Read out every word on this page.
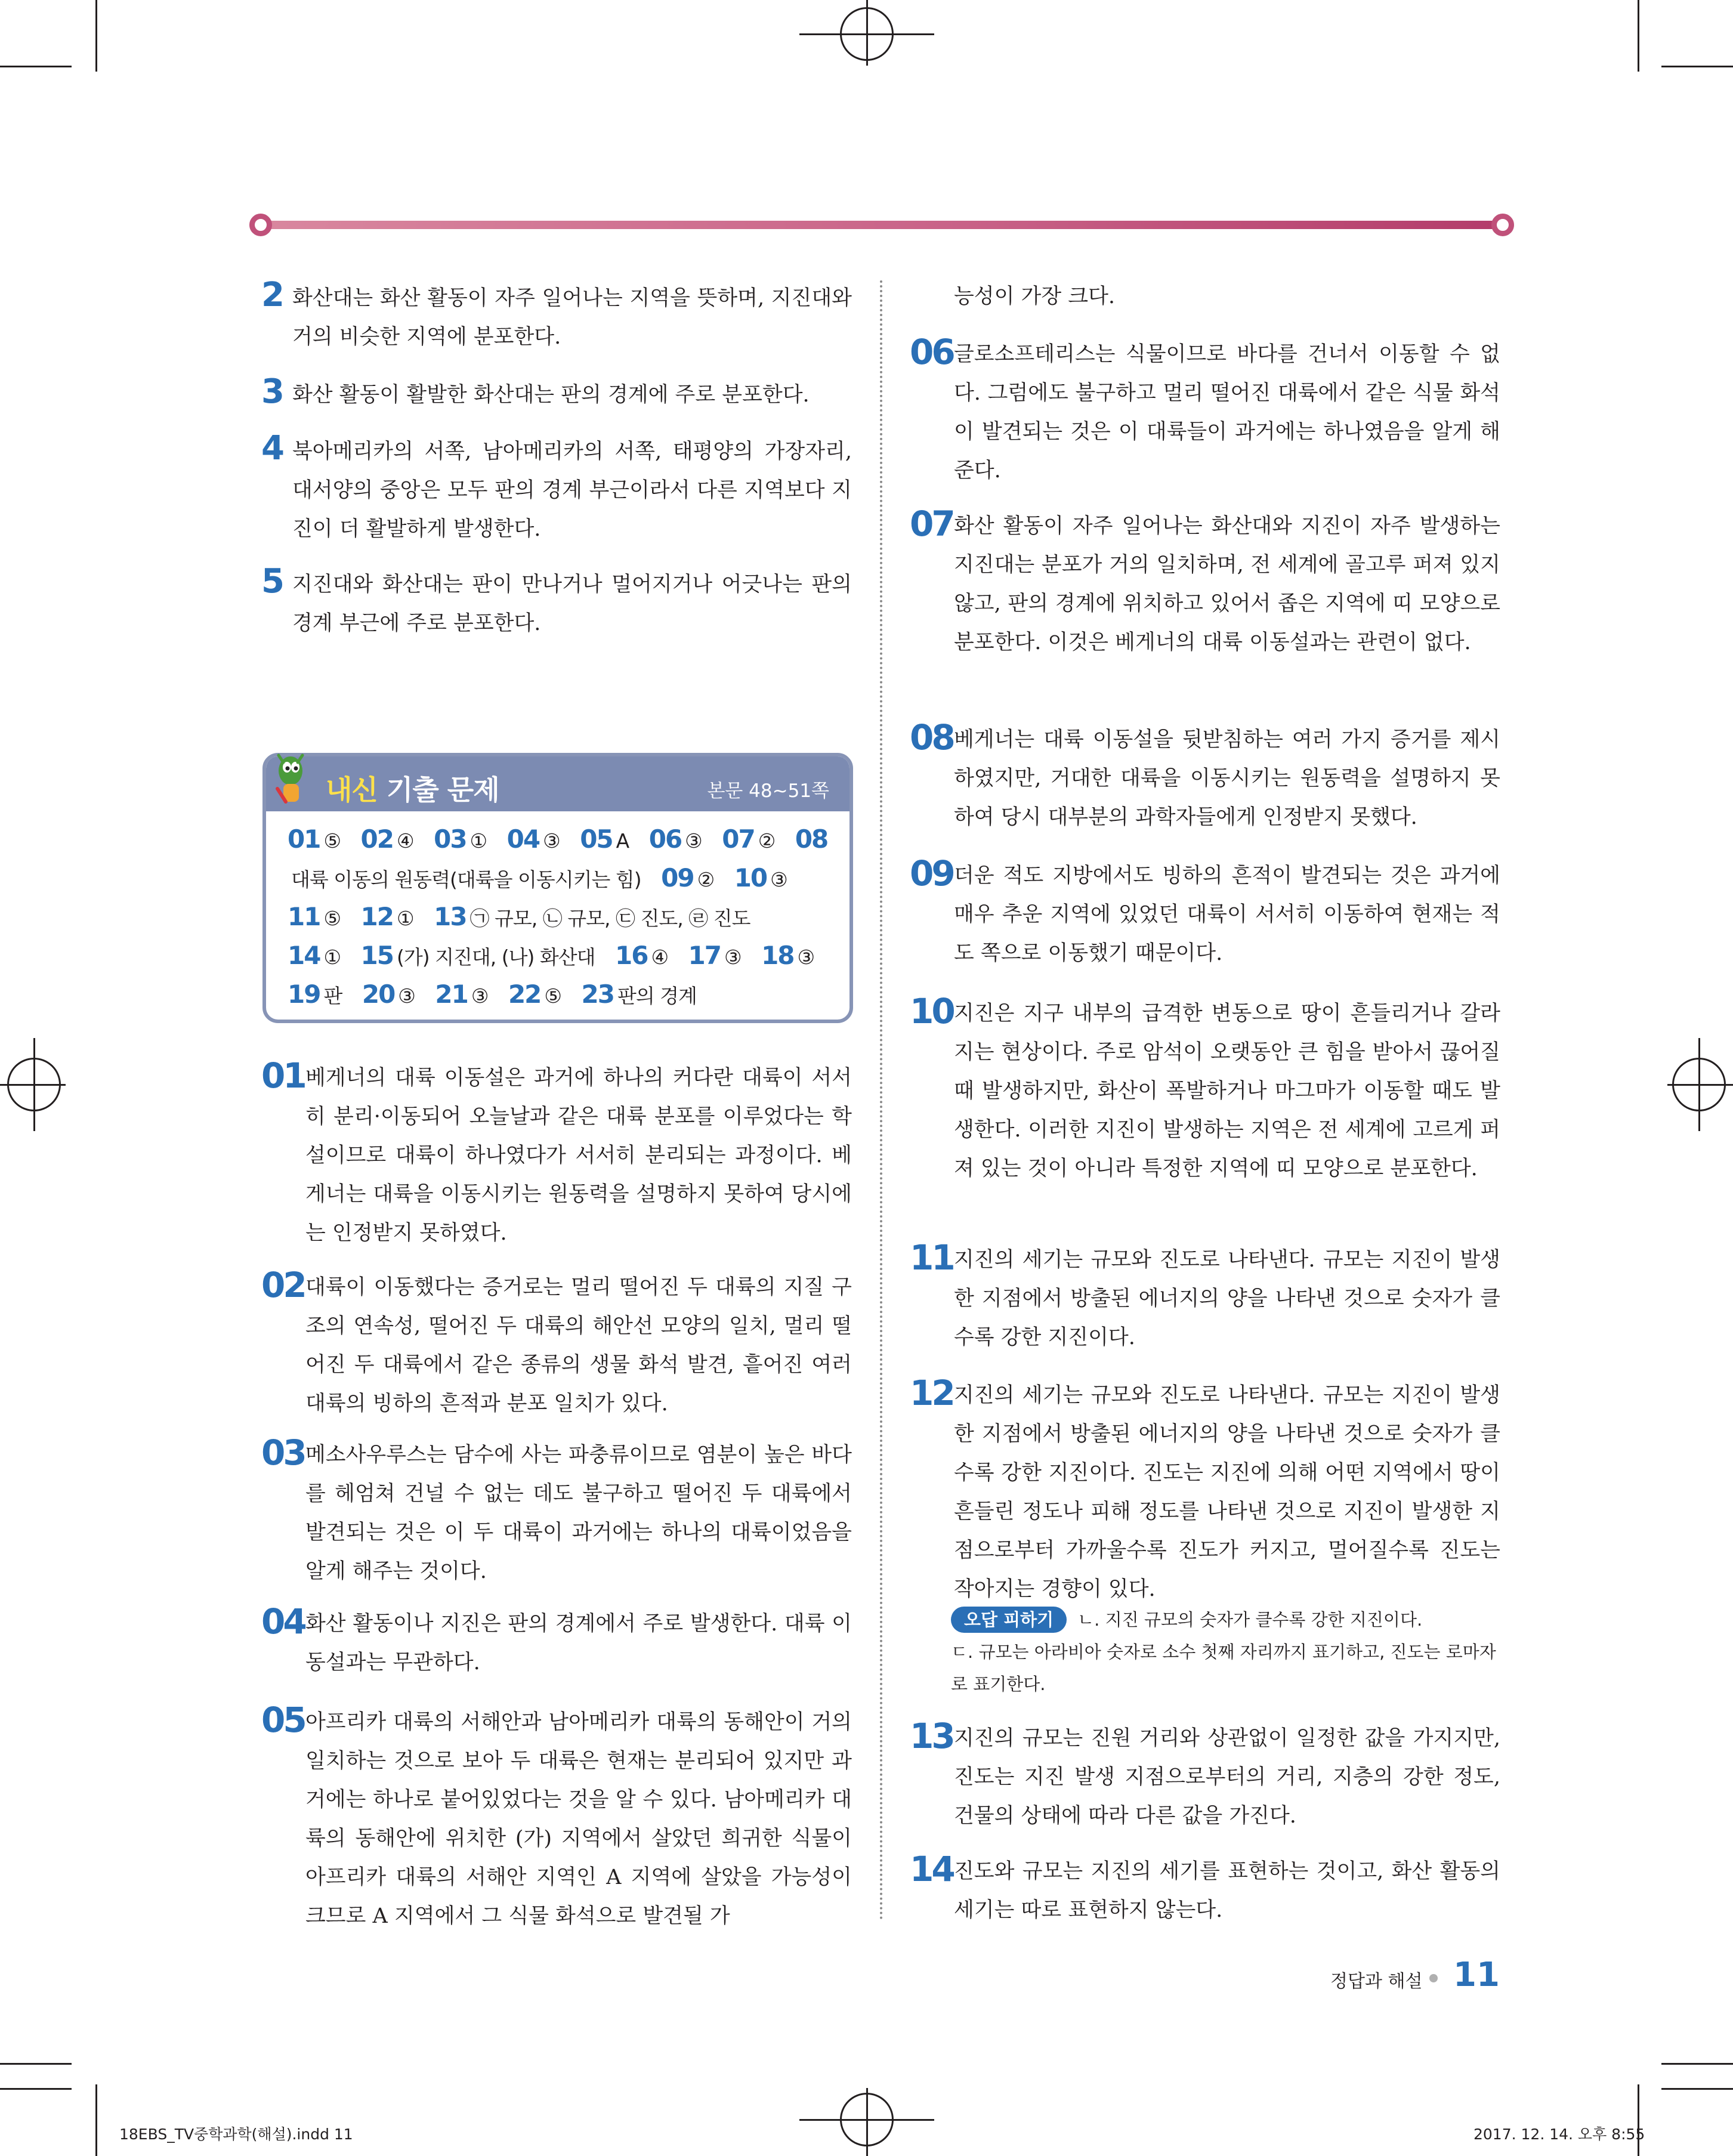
2 화산대는 화산 활동이 자주 일어나는 지역을 뜻하며, 지진대와 거의 비슷한 지역에 분포한다.
3 화산 활동이 활발한 화산대는 판의 경계에 주로 분포한다.
4 북아메리카의 서쪽, 남아메리카의 서쪽, 태평양의 가장자리, 대서양의 중앙은 모두 판의 경계 부근이라서 다른 지역보다 지진이 더 활발하게 발생한다.
5 지진대와 화산대는 판이 만나거나 멀어지거나 어긋나는 판의 경계 부근에 주로 분포한다.
내신 기출 문제	본문 48~51쪽
01 ⑤ 02 ④ 03 ① 04 ③ 05 A 06 ③ 07 ② 08대륙 이동의 원동력(대륙을 이동시키는 힘) 09 ② 10 ③ 11 ⑤ 12 ① 13 ㉠ 규모, ㉡ 규모, ㉢ 진도, ㉣ 진도 14 ① 15 (가) 지진대, (나) 화산대 16 ④ 17 ③ 18 ③ 19 판 20 ③ 21 ③ 22 ⑤ 23 판의 경계
01 베게너의 대륙 이동설은 과거에 하나의 커다란 대륙이 서서히 분리·이동되어 오늘날과 같은 대륙 분포를 이루었다는 학설이므로 대륙이 하나였다가 서서히 분리되는 과정이다. 베게너는 대륙을 이동시키는 원동력을 설명하지 못하여 당시에는 인정받지 못하였다.
02 대륙이 이동했다는 증거로는 멀리 떨어진 두 대륙의 지질 구조의 연속성, 떨어진 두 대륙의 해안선 모양의 일치, 멀리 떨어진 두 대륙에서 같은 종류의 생물 화석 발견, 흩어진 여러 대륙의 빙하의 흔적과 분포 일치가 있다.
03 메소사우루스는 담수에 사는 파충류이므로 염분이 높은 바다를 헤엄쳐 건널 수 없는 데도 불구하고 떨어진 두 대륙에서 발견되는 것은 이 두 대륙이 과거에는 하나의 대륙이었음을 알게 해주는 것이다.
04 화산 활동이나 지진은 판의 경계에서 주로 발생한다. 대륙 이동설과는 무관하다.
05 아프리카 대륙의 서해안과 남아메리카 대륙의 동해안이 거의 일치하는 것으로 보아 두 대륙은 현재는 분리되어 있지만 과거에는 하나로 붙어있었다는 것을 알 수 있다. 남아메리카 대륙의 동해안에 위치한 (가) 지역에서 살았던 희귀한 식물이 아프리카 대륙의 서해안 지역인 A 지역에 살았을 가능성이 크므로 A 지역에서 그 식물 화석으로 발견될 가
능성이 가장 크다.
06 글로소프테리스는 식물이므로 바다를 건너서 이동할 수 없다. 그럼에도 불구하고 멀리 떨어진 대륙에서 같은 식물 화석이 발견되는 것은 이 대륙들이 과거에는 하나였음을 알게 해준다.
07 화산 활동이 자주 일어나는 화산대와 지진이 자주 발생하는 지진대는 분포가 거의 일치하며, 전 세계에 골고루 퍼져 있지 않고, 판의 경계에 위치하고 있어서 좁은 지역에 띠 모양으로 분포한다. 이것은 베게너의 대륙 이동설과는 관련이 없다.
08 베게너는 대륙 이동설을 뒷받침하는 여러 가지 증거를 제시하였지만, 거대한 대륙을 이동시키는 원동력을 설명하지 못하여 당시 대부분의 과학자들에게 인정받지 못했다.
09 더운 적도 지방에서도 빙하의 흔적이 발견되는 것은 과거에 매우 추운 지역에 있었던 대륙이 서서히 이동하여 현재는 적도 쪽으로 이동했기 때문이다.
10 지진은 지구 내부의 급격한 변동으로 땅이 흔들리거나 갈라지는 현상이다. 주로 암석이 오랫동안 큰 힘을 받아서 끊어질 때 발생하지만, 화산이 폭발하거나 마그마가 이동할 때도 발생한다. 이러한 지진이 발생하는 지역은 전 세계에 고르게 퍼져 있는 것이 아니라 특정한 지역에 띠 모양으로 분포한다.
11 지진의 세기는 규모와 진도로 나타낸다. 규모는 지진이 발생한 지점에서 방출된 에너지의 양을 나타낸 것으로 숫자가 클수록 강한 지진이다.
12 지진의 세기는 규모와 진도로 나타낸다. 규모는 지진이 발생한 지점에서 방출된 에너지의 양을 나타낸 것으로 숫자가 클수록 강한 지진이다. 진도는 지진에 의해 어떤 지역에서 땅이 흔들린 정도나 피해 정도를 나타낸 것으로 지진이 발생한 지점으로부터 가까울수록 진도가 커지고, 멀어질수록 진도는 작아지는 경향이 있다.
오답 피하기 ㄴ. 지진 규모의 숫자가 클수록 강한 지진이다.
ㄷ. 규모는 아라비아 숫자로 소수 첫째 자리까지 표기하고, 진도는 로마자로 표기한다.
13 지진의 규모는 진원 거리와 상관없이 일정한 값을 가지지만, 진도는 지진 발생 지점으로부터의 거리, 지층의 강한 정도, 건물의 상태에 따라 다른 값을 가진다.
14 진도와 규모는 지진의 세기를 표현하는 것이고, 화산 활동의 세기는 따로 표현하지 않는다.
정답과 해설 11
18EBS_TV중학과학(해설).indd 11	2017. 12. 14. 오후 8:55
